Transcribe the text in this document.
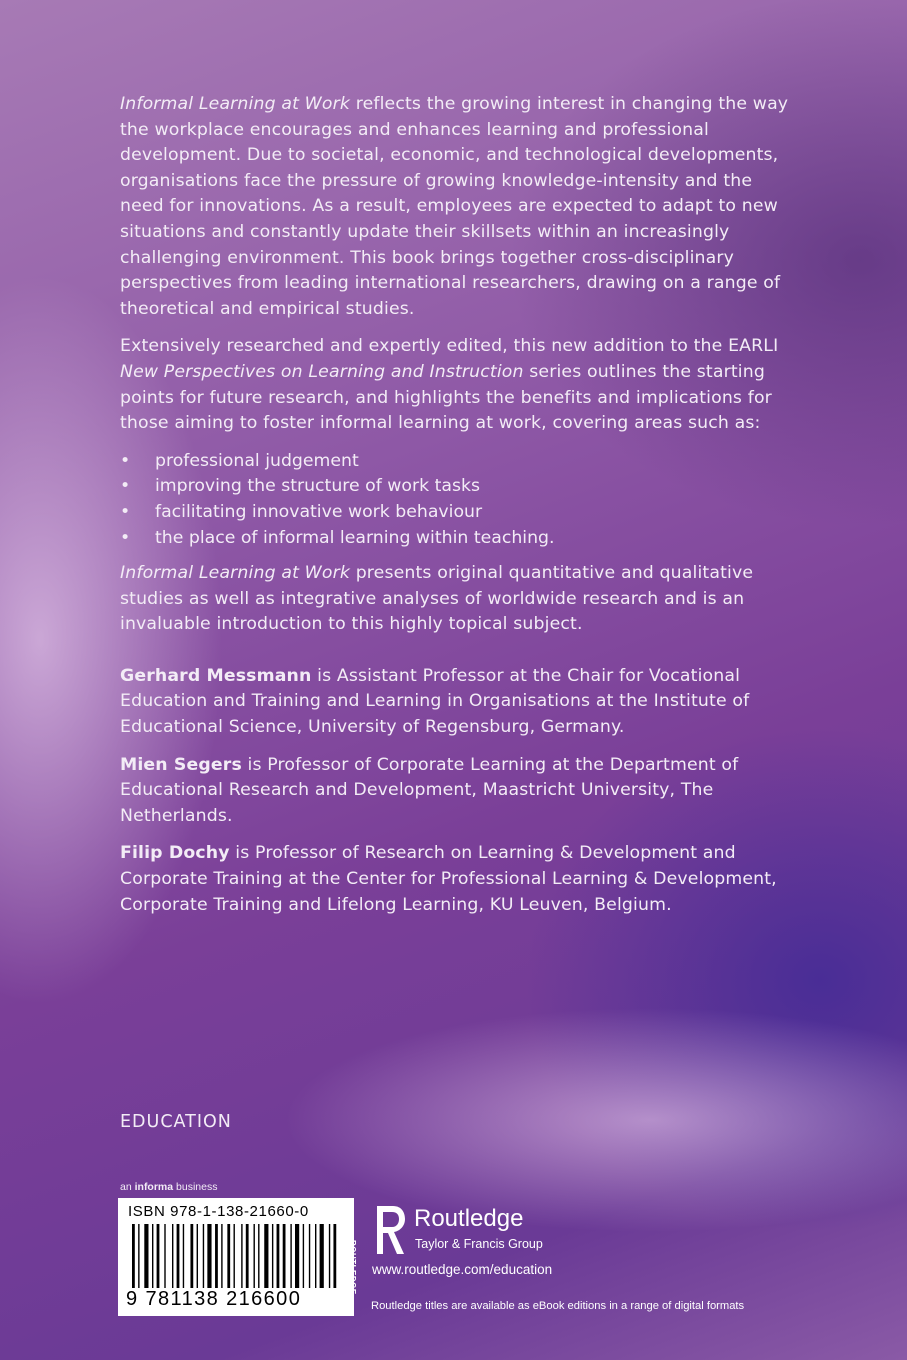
Informal Learning at Work reflects the growing interest in changing the way the workplace encourages and enhances learning and professional development. Due to societal, economic, and technological developments, organisations face the pressure of growing knowledge-intensity and the need for innovations. As a result, employees are expected to adapt to new situations and constantly update their skillsets within an increasingly challenging environment. This book brings together cross-disciplinary perspectives from leading international researchers, drawing on a range of theoretical and empirical studies.

Extensively researched and expertly edited, this new addition to the EARLI New Perspectives on Learning and Instruction series outlines the starting points for future research, and highlights the benefits and implications for those aiming to foster informal learning at work, covering areas such as:

• professional judgement
• improving the structure of work tasks
• facilitating innovative work behaviour
• the place of informal learning within teaching.

Informal Learning at Work presents original quantitative and qualitative studies as well as integrative analyses of worldwide research and is an invaluable introduction to this highly topical subject.

Gerhard Messmann is Assistant Professor at the Chair for Vocational Education and Training and Learning in Organisations at the Institute of Educational Science, University of Regensburg, Germany.

Mien Segers is Professor of Corporate Learning at the Department of Educational Research and Development, Maastricht University, The Netherlands.

Filip Dochy is Professor of Research on Learning & Development and Corporate Training at the Center for Professional Learning & Development, Corporate Training and Lifelong Learning, KU Leuven, Belgium.

EDUCATION
an informa business
ISBN 978-1-138-21660-0
9 781138 216600
ROUTLEDGE
Routledge
Taylor & Francis Group
www.routledge.com/education
Routledge titles are available as eBook editions in a range of digital formats
